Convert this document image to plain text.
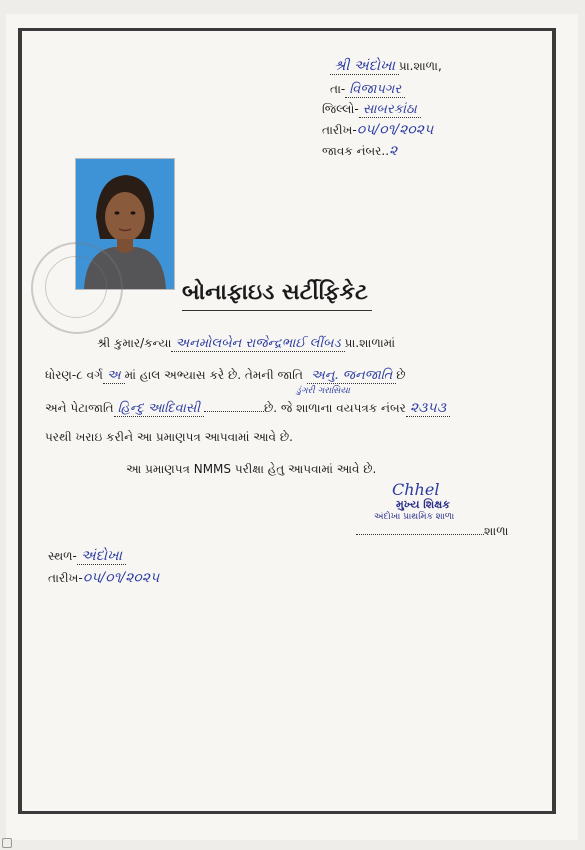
શ્રી અંદોખા પ્રા.શાળા,
તા- વિજાપગર
જિલ્લો- સાબરકાંઠા
તારીખ-૦૫/૦૧/૨૦૨૫
જાવક નંબર..૨
બોનાફાઇડ સર્ટીફિકેટ
શ્રી કુમાર/કન્યા અનમોલબેન રાજેન્દ્રભાઈ લીંબડ પ્રા.શાળામાં
ધોરણ-૮ વર્ગ અ માં હાલ અભ્યાસ કરે છે. તેમની જાતિ અનુ. જનજાતિ છે
ડુંગરી ગરાસિયા
અને પેટાજાતિ હિન્દુ આદિવાસી	છે. જે શાળાના વયપત્રક નંબર ૨૩૫૩
પરથી ખરાઇ કરીને આ પ્રમાણપત્ર આપવામાં આવે છે.
આ પ્રમાણપત્ર NMMS પરીક્ષા હેતુ આપવામાં આવે છે.
Chhel
મુખ્ય શિક્ષક
અંદોખા પ્રાથમિક શાળા
શાળા
સ્થળ- અંદોખા
તારીખ-૦૫/૦૧/૨૦૨૫
